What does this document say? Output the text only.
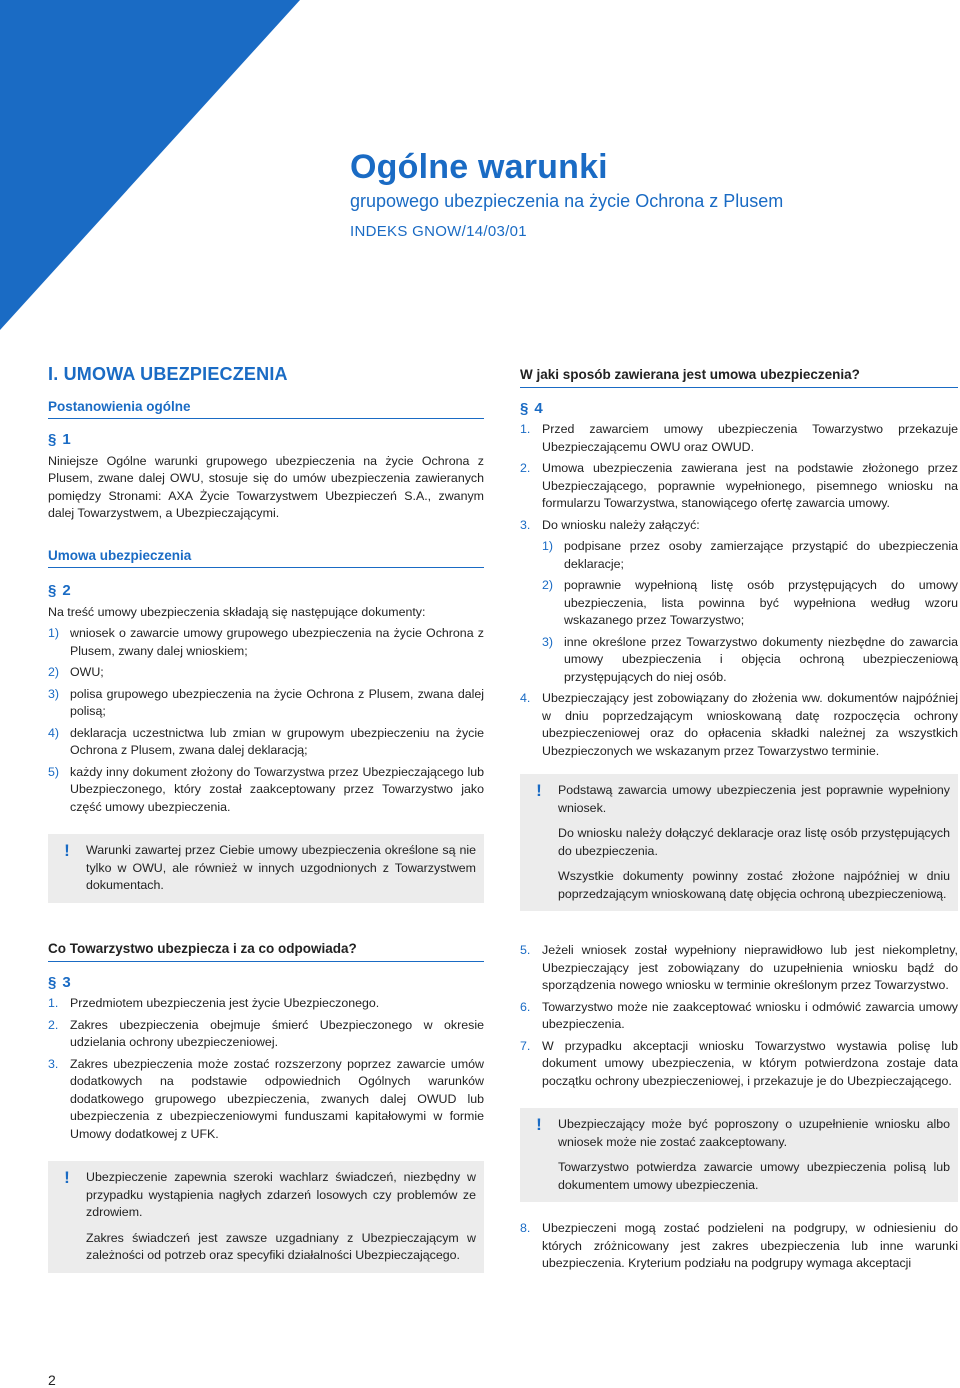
Ogólne warunki
grupowego ubezpieczenia na życie Ochrona z Plusem
INDEKS GNOW/14/03/01
I. UMOWA UBEZPIECZENIA
Postanowienia ogólne
§ 1

Niniejsze Ogólne warunki grupowego ubezpieczenia na życie Ochrona z Plusem, zwane dalej OWU, stosuje się do umów ubezpieczenia zawieranych pomiędzy Stronami: AXA Życie Towarzystwem Ubezpieczeń S.A., zwanym dalej Towarzystwem, a Ubezpieczającymi.

Umowa ubezpieczenia
§ 2

Na treść umowy ubezpieczenia składają się następujące dokumenty:

1) wniosek o zawarcie umowy grupowego ubezpieczenia na życie Ochrona z Plusem, zwany dalej wnioskiem;
2) OWU;
3) polisa grupowego ubezpieczenia na życie Ochrona z Plusem, zwana dalej polisą;
4) deklaracja uczestnictwa lub zmian w grupowym ubezpieczeniu na życie Ochrona z Plusem, zwana dalej deklaracją;
5) każdy inny dokument złożony do Towarzystwa przez Ubezpieczającego lub Ubezpieczonego, który został zaakceptowany przez Towarzystwo jako część umowy ubezpieczenia.
!	Warunki zawartej przez Ciebie umowy ubezpieczenia określone są nie tylko w OWU, ale również w innych uzgodnionych z Towarzystwem dokumentach.

Co Towarzystwo ubezpiecza i za co odpowiada?
§ 3
1. Przedmiotem ubezpieczenia jest życie Ubezpieczonego.
2. Zakres ubezpieczenia obejmuje śmierć Ubezpieczonego w okresie udzielania ochrony ubezpieczeniowej.
3. Zakres ubezpieczenia może zostać rozszerzony poprzez zawarcie umów dodatkowych na podstawie odpowiednich Ogólnych warunków dodatkowego grupowego ubezpieczenia, zwanych dalej OWUD lub ubezpieczenia z ubezpieczeniowymi funduszami kapitałowymi w formie Umowy dodatkowej z UFK.
!	Ubezpieczenie zapewnia szeroki wachlarz świadczeń, niezbędny w przypadku wystąpienia nagłych zdarzeń losowych czy problemów ze zdrowiem.

Zakres świadczeń jest zawsze uzgadniany z Ubezpieczającym w zależności od potrzeb oraz specyfiki działalności Ubezpieczającego.

W jaki sposób zawierana jest umowa ubezpieczenia?
§ 4
1. Przed zawarciem umowy ubezpieczenia Towarzystwo przekazuje Ubezpieczającemu OWU oraz OWUD.
2. Umowa ubezpieczenia zawierana jest na podstawie złożonego przez Ubezpieczającego, poprawnie wypełnionego, pisemnego wniosku na formularzu Towarzystwa, stanowiącego ofertę zawarcia umowy.
3. Do wniosku należy załączyć:
1) podpisane przez osoby zamierzające przystąpić do ubezpieczenia deklaracje;
2) poprawnie wypełnioną listę osób przystępujących do umowy ubezpieczenia, lista powinna być wypełniona według wzoru wskazanego przez Towarzystwo;
3) inne określone przez Towarzystwo dokumenty niezbędne do zawarcia umowy ubezpieczenia i objęcia ochroną ubezpieczeniową przystępujących do niej osób.
4. Ubezpieczający jest zobowiązany do złożenia ww. dokumentów najpóźniej w dniu poprzedzającym wnioskowaną datę rozpoczęcia ochrony ubezpieczeniowej oraz do opłacenia składki należnej za wszystkich Ubezpieczonych we wskazanym przez Towarzystwo terminie.
!	Podstawą zawarcia umowy ubezpieczenia jest poprawnie wypełniony wniosek.

Do wniosku należy dołączyć deklaracje oraz listę osób przystępujących do ubezpieczenia.

Wszystkie dokumenty powinny zostać złożone najpóźniej w dniu poprzedzającym wnioskowaną datę objęcia ochroną ubezpieczeniową.

5. Jeżeli wniosek został wypełniony nieprawidłowo lub jest niekompletny, Ubezpieczający jest zobowiązany do uzupełnienia wniosku bądź do sporządzenia nowego wniosku w terminie określonym przez Towarzystwo.
6. Towarzystwo może nie zaakceptować wniosku i odmówić zawarcia umowy ubezpieczenia.
7. W przypadku akceptacji wniosku Towarzystwo wystawia polisę lub dokument umowy ubezpieczenia, w którym potwierdzona zostaje data początku ochrony ubezpieczeniowej, i przekazuje je do Ubezpieczającego.
!	Ubezpieczający może być poproszony o uzupełnienie wniosku albo wniosek może nie zostać zaakceptowany.

Towarzystwo potwierdza zawarcie umowy ubezpieczenia polisą lub dokumentem umowy ubezpieczenia.

8. Ubezpieczeni mogą zostać podzieleni na podgrupy, w odniesieniu do których zróżnicowany jest zakres ubezpieczenia lub inne warunki ubezpieczenia. Kryterium podziału na podgrupy wymaga akceptacji
2
